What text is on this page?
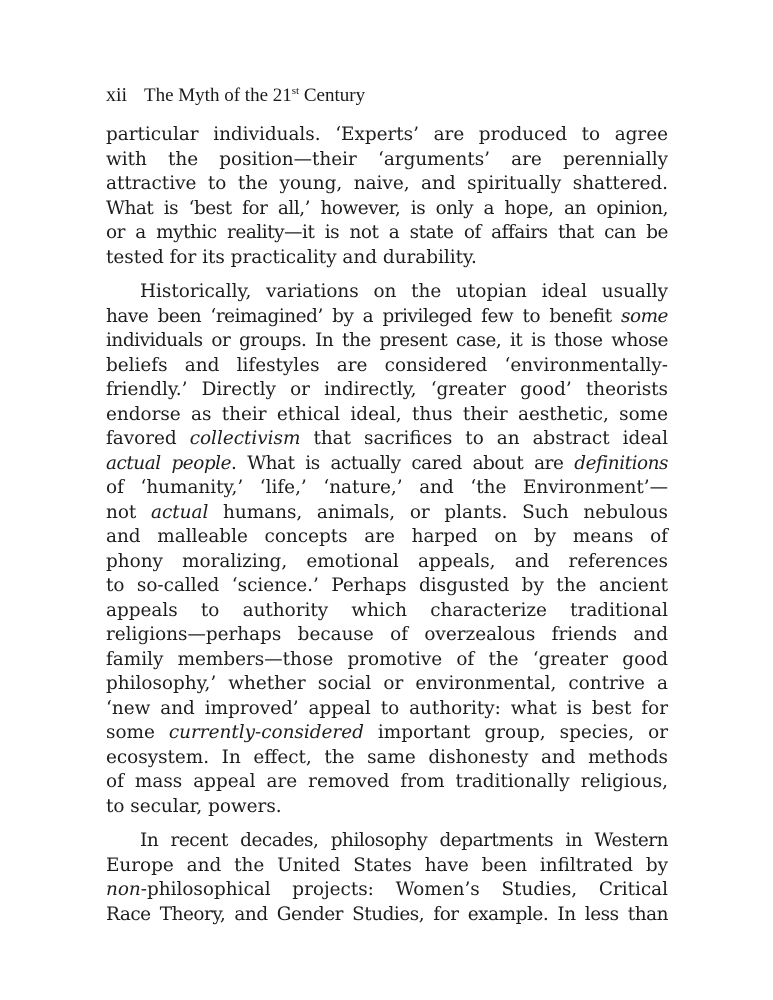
xii The Myth of the 21st Century

particular individuals. ‘Experts’ are produced to agree
with the position—their ‘arguments’ are perennially
attractive to the young, naive, and spiritually shattered.
What is ‘best for all,’ however, is only a hope, an opinion,
or a mythic reality—it is not a state of affairs that can be
tested for its practicality and durability.

Historically, variations on the utopian ideal usually
have been ‘reimagined’ by a privileged few to benefit some
individuals or groups. In the present case, it is those whose
beliefs and lifestyles are considered ‘environmentally-
friendly.’ Directly or indirectly, ‘greater good’ theorists
endorse as their ethical ideal, thus their aesthetic, some
favored collectivism that sacrifices to an abstract ideal
actual people. What is actually cared about are definitions
of ‘humanity,’ ‘life,’ ‘nature,’ and ‘the Environment’—
not actual humans, animals, or plants. Such nebulous
and malleable concepts are harped on by means of
phony moralizing, emotional appeals, and references
to so-called ‘science.’ Perhaps disgusted by the ancient
appeals to authority which characterize traditional
religions—perhaps because of overzealous friends and
family members—those promotive of the ‘greater good
philosophy,’ whether social or environmental, contrive a
‘new and improved’ appeal to authority: what is best for
some currently-considered important group, species, or
ecosystem. In effect, the same dishonesty and methods
of mass appeal are removed from traditionally religious,
to secular, powers.

In recent decades, philosophy departments in Western
Europe and the United States have been infiltrated by
non-philosophical projects: Women’s Studies, Critical
Race Theory, and Gender Studies, for example. In less than
